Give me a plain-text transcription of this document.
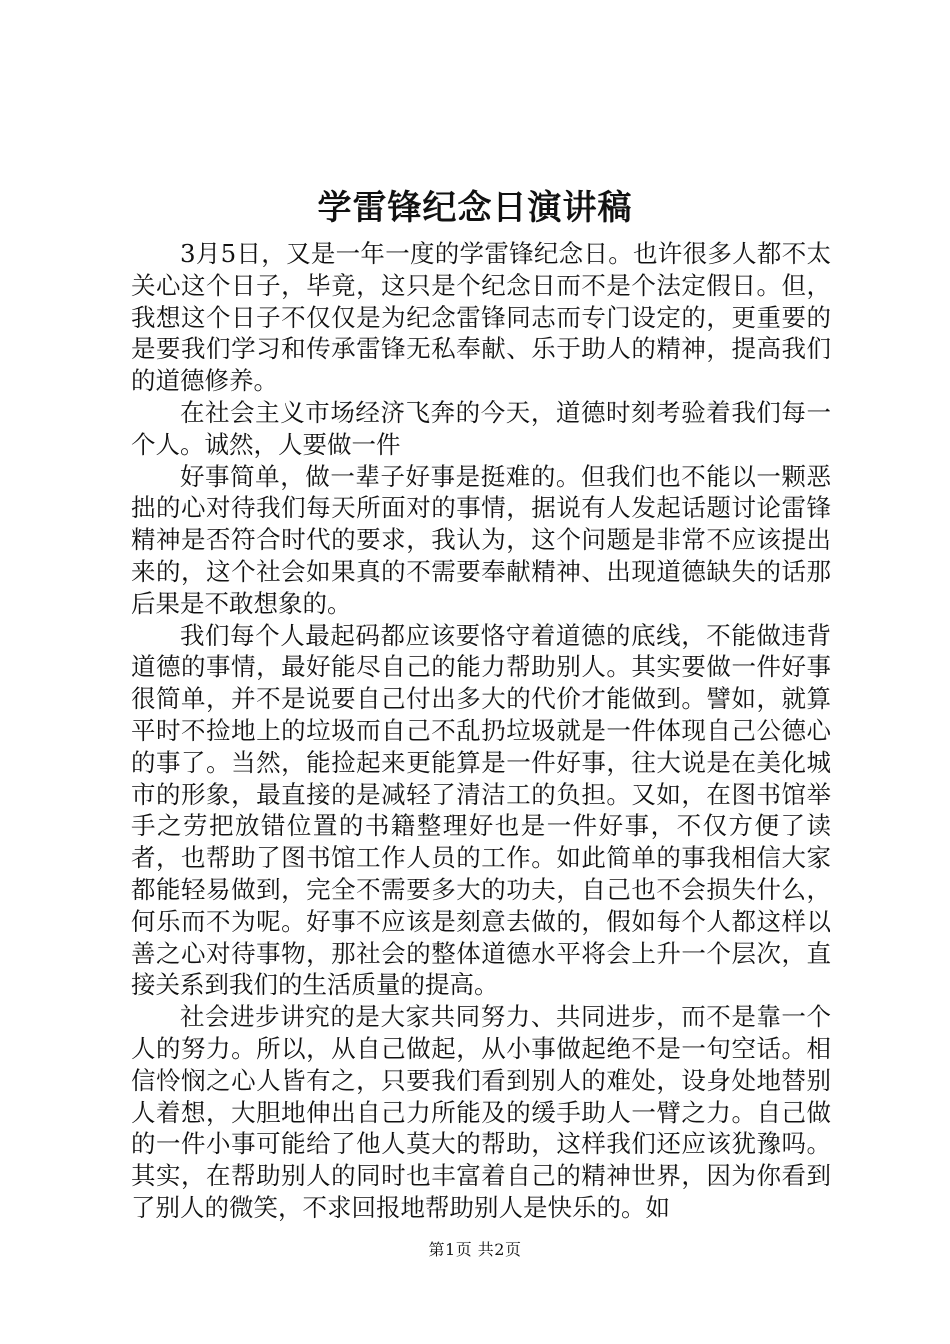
学雷锋纪念日演讲稿

3月5日，又是一年一度的学雷锋纪念日。也许很多人都不太关心这个日子，毕竟，这只是个纪念日而不是个法定假日。但，我想这个日子不仅仅是为纪念雷锋同志而专门设定的，更重要的是要我们学习和传承雷锋无私奉献、乐于助人的精神，提高我们的道德修养。

在社会主义市场经济飞奔的今天，道德时刻考验着我们每一个人。诚然，人要做一件

好事简单，做一辈子好事是挺难的。但我们也不能以一颗恶拙的心对待我们每天所面对的事情，据说有人发起话题讨论雷锋精神是否符合时代的要求，我认为，这个问题是非常不应该提出来的，这个社会如果真的不需要奉献精神、出现道德缺失的话那后果是不敢想象的。

我们每个人最起码都应该要恪守着道德的底线，不能做违背道德的事情，最好能尽自己的能力帮助别人。其实要做一件好事很简单，并不是说要自己付出多大的代价才能做到。譬如，就算平时不捡地上的垃圾而自己不乱扔垃圾就是一件体现自己公德心的事了。当然，能捡起来更能算是一件好事，往大说是在美化城市的形象，最直接的是减轻了清洁工的负担。又如，在图书馆举手之劳把放错位置的书籍整理好也是一件好事，不仅方便了读者，也帮助了图书馆工作人员的工作。如此简单的事我相信大家都能轻易做到，完全不需要多大的功夫，自己也不会损失什么，何乐而不为呢。好事不应该是刻意去做的，假如每个人都这样以善之心对待事物，那社会的整体道德水平将会上升一个层次，直接关系到我们的生活质量的提高。

社会进步讲究的是大家共同努力、共同进步，而不是靠一个人的努力。所以，从自己做起，从小事做起绝不是一句空话。相信怜悯之心人皆有之，只要我们看到别人的难处，设身处地替别人着想，大胆地伸出自己力所能及的缓手助人一臂之力。自己做的一件小事可能给了他人莫大的帮助，这样我们还应该犹豫吗。其实，在帮助别人的同时也丰富着自己的精神世界，因为你看到了别人的微笑，不求回报地帮助别人是快乐的。如

第1页 共2页
